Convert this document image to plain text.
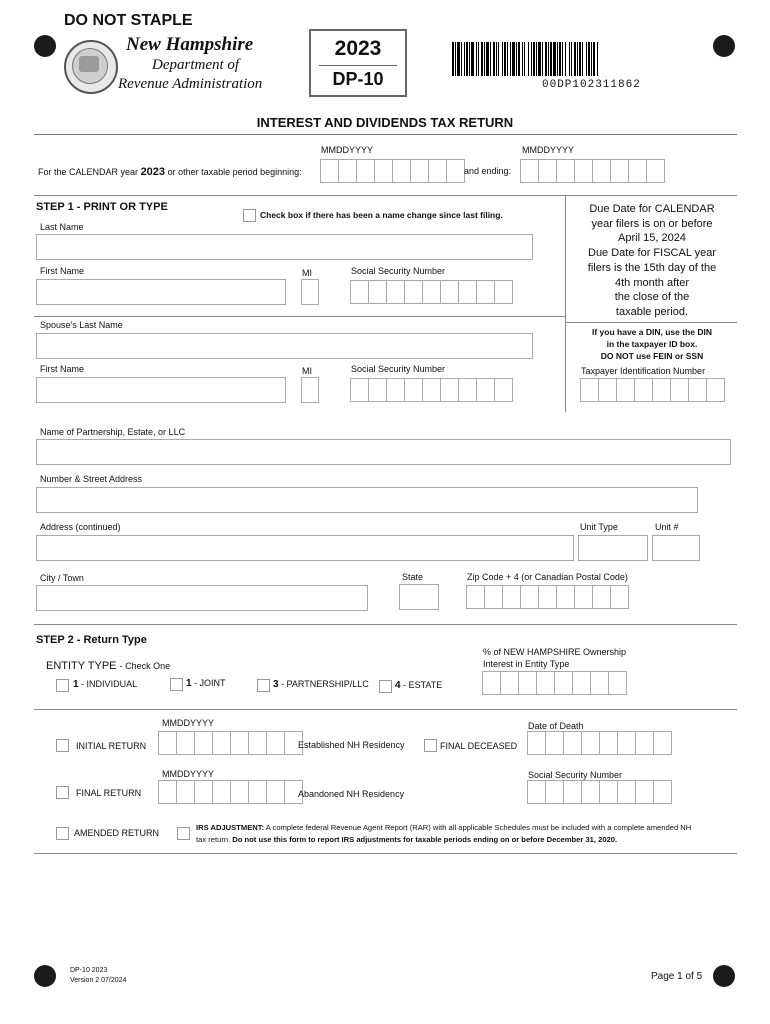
DO NOT STAPLE
New Hampshire
Department of
Revenue Administration
2023
DP-10	00DP102311862
INTEREST AND DIVIDENDS TAX RETURN
MMDDYYYY	MMDDYYYY
For the CALENDAR year 2023 or other taxable period beginning:	and ending:
STEP 1 - PRINT OR TYPE
Check box if there has been a name change since last filing.
Last Name
First Name	MI	Social Security Number
Spouse's Last Name
First Name	MI	Social Security Number
Due Date for CALENDAR
year filers is on or before
April 15, 2024
Due Date for FISCAL year
filers is the 15th day of the
4th month after
the close of the
taxable period.
If you have a DIN, use the DIN
in the taxpayer ID box.
DO NOT use FEIN or SSN
Taxpayer Identification Number
Name of Partnership, Estate, or LLC
Number & Street Address
Address (continued)	Unit Type	Unit #
City / Town	State	Zip Code + 4 (or Canadian Postal Code)
STEP 2 - Return Type
ENTITY TYPE - Check One
1 - INDIVIDUAL	1 - JOINT	3 - PARTNERSHIP/LLC	4 - ESTATE
% of NEW HAMPSHIRE Ownership
Interest in Entity Type
MMDDYYYY
INITIAL RETURN	Established NH Residency	FINAL DECEASED
Date of Death
MMDDYYYY
FINAL RETURN	Abandoned NH Residency
Social Security Number
AMENDED RETURN
IRS ADJUSTMENT: A complete federal Revenue Agent Report (RAR) with all applicable Schedules must be included with a complete amended NH
tax return. Do not use this form to report IRS adjustments for taxable periods ending on or before December 31, 2020.
DP-10 2023
Version 2 07/2024	Page 1 of 5
